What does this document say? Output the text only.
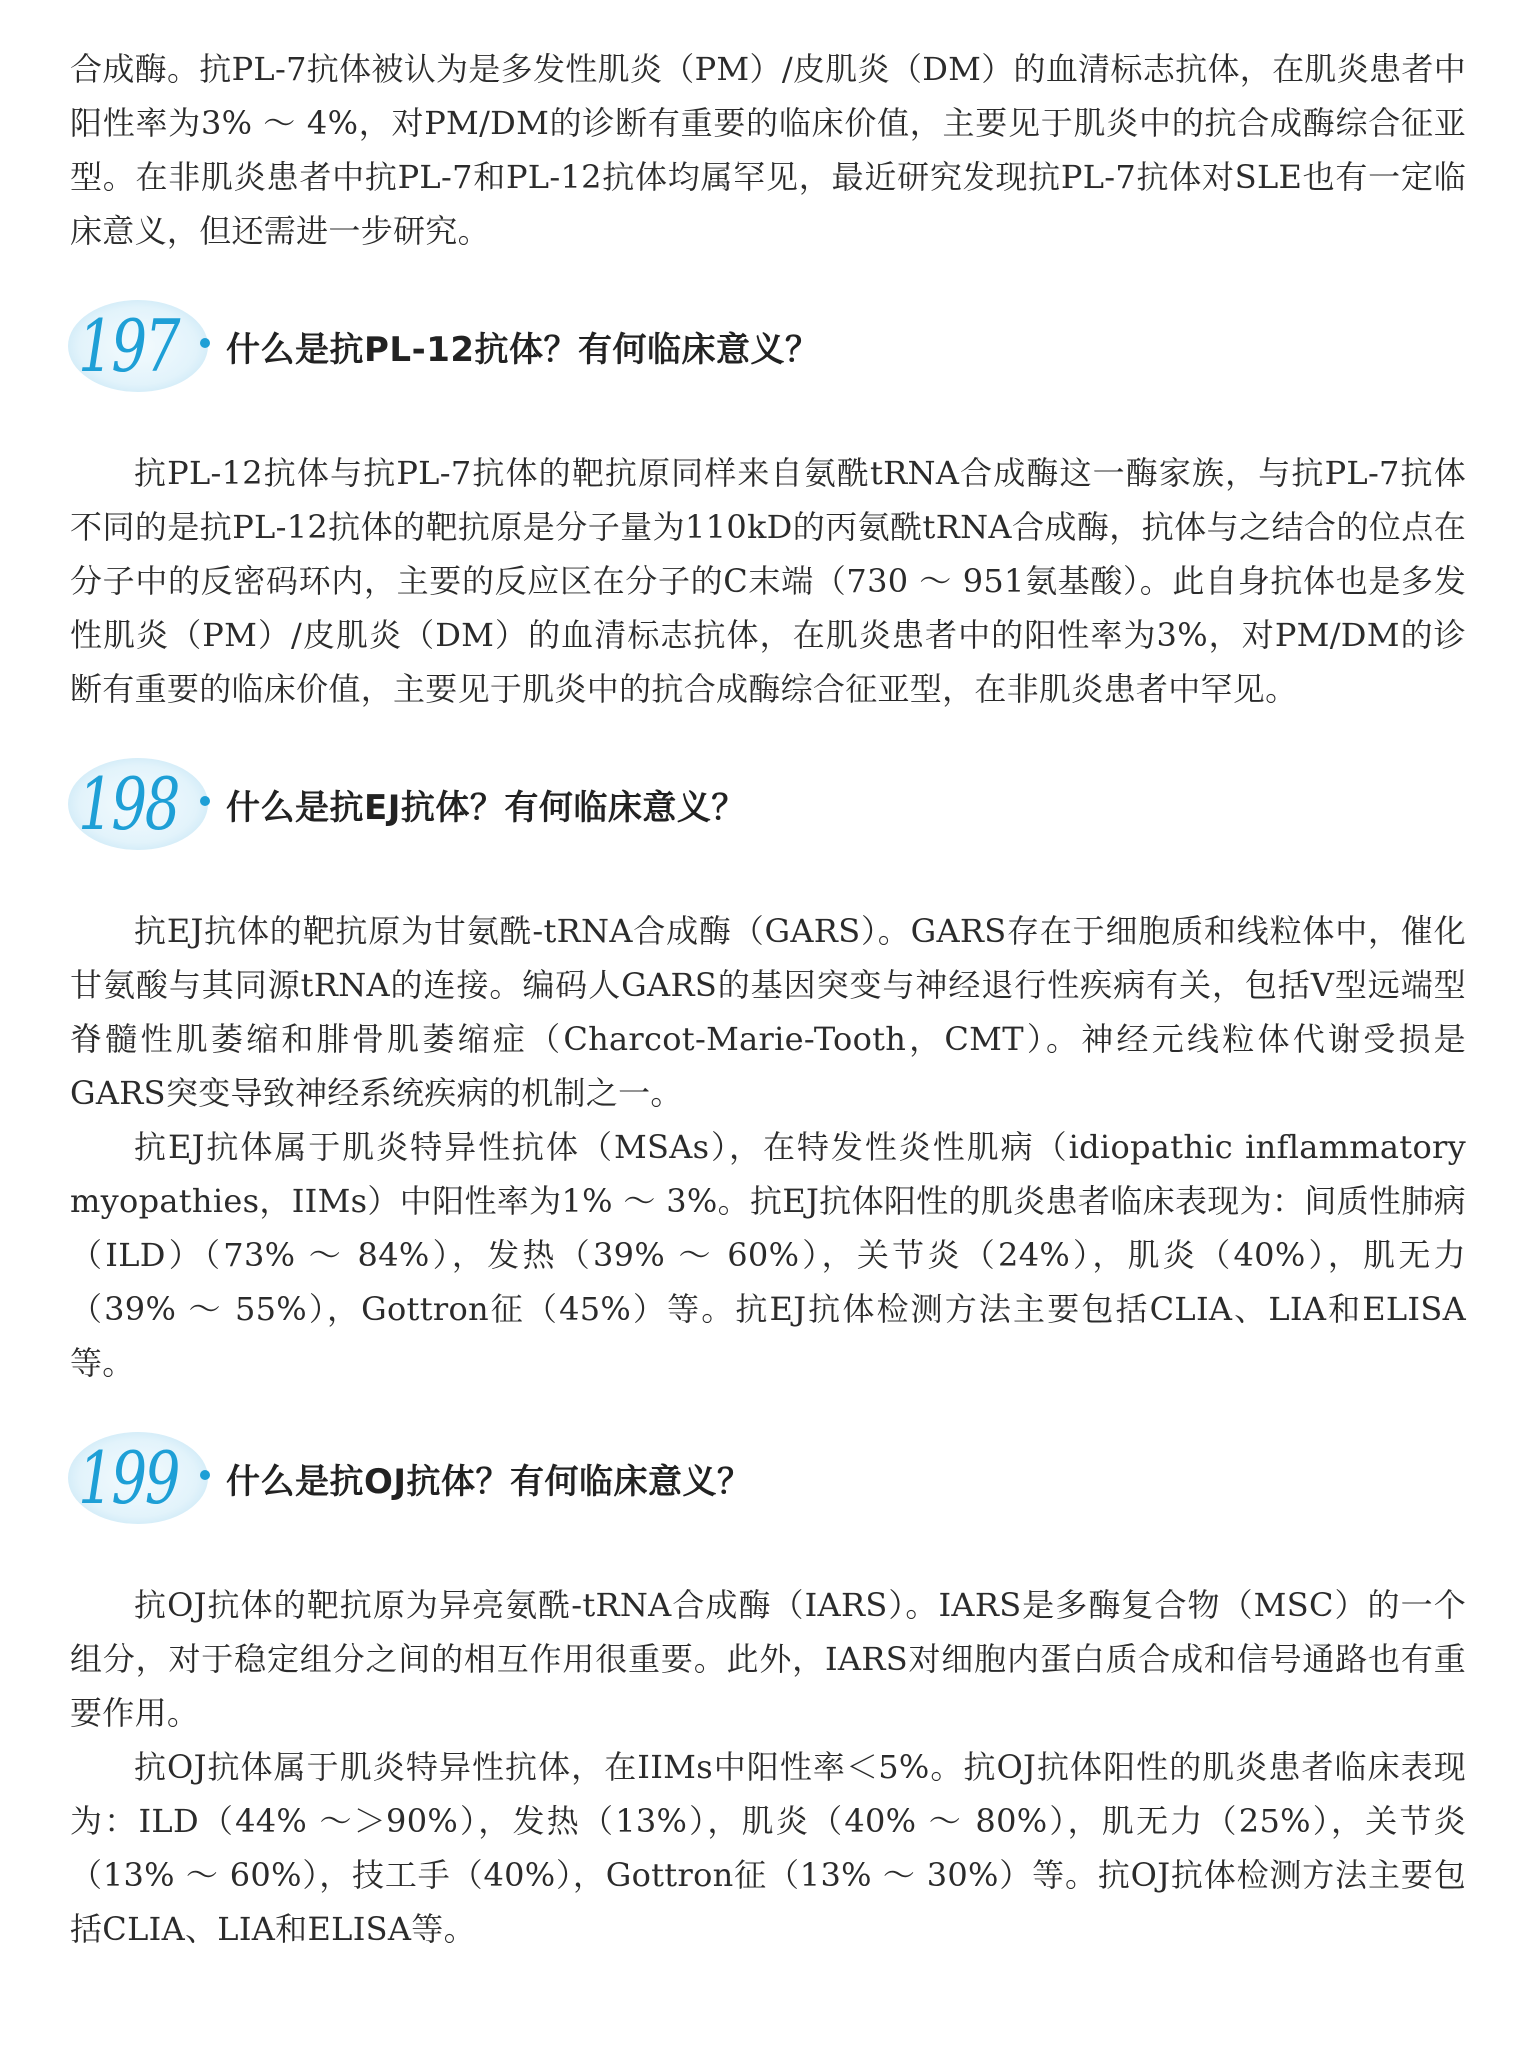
合成酶。抗PL-7抗体被认为是多发性肌炎（PM）/皮肌炎（DM）的血清标志抗体，在肌炎患者中阳性率为3% ～ 4%，对PM/DM的诊断有重要的临床价值，主要见于肌炎中的抗合成酶综合征亚型。在非肌炎患者中抗PL-7和PL-12抗体均属罕见，最近研究发现抗PL-7抗体对SLE也有一定临床意义，但还需进一步研究。

197 什么是抗PL-12抗体？有何临床意义？

抗PL-12抗体与抗PL-7抗体的靶抗原同样来自氨酰tRNA合成酶这一酶家族，与抗PL-7抗体不同的是抗PL-12抗体的靶抗原是分子量为110kD的丙氨酰tRNA合成酶，抗体与之结合的位点在分子中的反密码环内，主要的反应区在分子的C末端（730 ～ 951氨基酸）。此自身抗体也是多发性肌炎（PM）/皮肌炎（DM）的血清标志抗体，在肌炎患者中的阳性率为3%，对PM/DM的诊断有重要的临床价值，主要见于肌炎中的抗合成酶综合征亚型，在非肌炎患者中罕见。

198 什么是抗EJ抗体？有何临床意义？

抗EJ抗体的靶抗原为甘氨酰-tRNA合成酶（GARS）。GARS存在于细胞质和线粒体中，催化甘氨酸与其同源tRNA的连接。编码人GARS的基因突变与神经退行性疾病有关，包括Ⅴ型远端型脊髓性肌萎缩和腓骨肌萎缩症（Charcot-Marie-Tooth，CMT）。神经元线粒体代谢受损是GARS突变导致神经系统疾病的机制之一。

抗EJ抗体属于肌炎特异性抗体（MSAs），在特发性炎性肌病（idiopathic inflammatory myopathies，IIMs）中阳性率为1% ～ 3%。抗EJ抗体阳性的肌炎患者临床表现为：间质性肺病（ILD）（73% ～ 84%），发热（39% ～ 60%），关节炎（24%），肌炎（40%），肌无力（39% ～ 55%），Gottron征（45%）等。抗EJ抗体检测方法主要包括CLIA、LIA和ELISA等。

199 什么是抗OJ抗体？有何临床意义？

抗OJ抗体的靶抗原为异亮氨酰-tRNA合成酶（IARS）。IARS是多酶复合物（MSC）的一个组分，对于稳定组分之间的相互作用很重要。此外，IARS对细胞内蛋白质合成和信号通路也有重要作用。

抗OJ抗体属于肌炎特异性抗体，在IIMs中阳性率＜5%。抗OJ抗体阳性的肌炎患者临床表现为：ILD（44% ～＞90%），发热（13%），肌炎（40% ～ 80%），肌无力（25%），关节炎（13% ～ 60%），技工手（40%），Gottron征（13% ～ 30%）等。抗OJ抗体检测方法主要包括CLIA、LIA和ELISA等。
